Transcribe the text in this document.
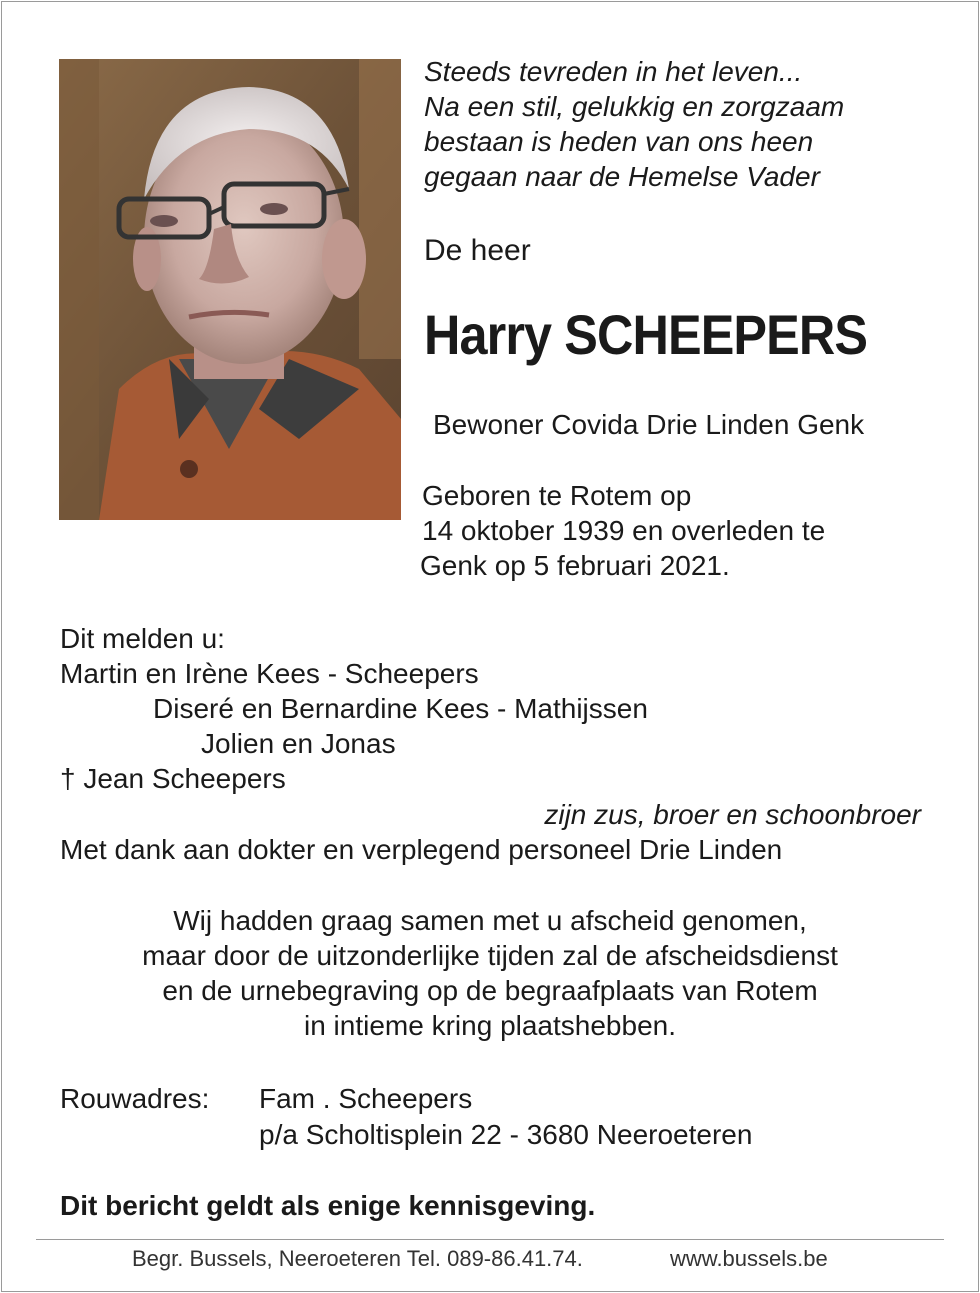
Steeds tevreden in het leven...
Na een stil, gelukkig en zorgzaam
bestaan is heden van ons heen
gegaan naar de Hemelse Vader
De heer
Harry SCHEEPERS
Bewoner Covida Drie Linden Genk
Geboren te Rotem op
14 oktober 1939 en overleden te
Genk op 5 februari 2021.
Dit melden u:
Martin en Irène Kees - Scheepers
Diseré en Bernardine Kees - Mathijssen
Jolien en Jonas
† Jean Scheepers
zijn zus, broer en schoonbroer
Met dank aan dokter en verplegend personeel Drie Linden
Wij hadden graag samen met u afscheid genomen,
maar door de uitzonderlijke tijden zal de afscheidsdienst
en de urnebegraving op de begraafplaats van Rotem
in intieme kring plaatshebben.
Rouwadres: Fam . Scheepers
p/a Scholtisplein 22 - 3680 Neeroeteren
Dit bericht geldt als enige kennisgeving.
Begr. Bussels, Neeroeteren Tel. 089-86.41.74.	www.bussels.be
